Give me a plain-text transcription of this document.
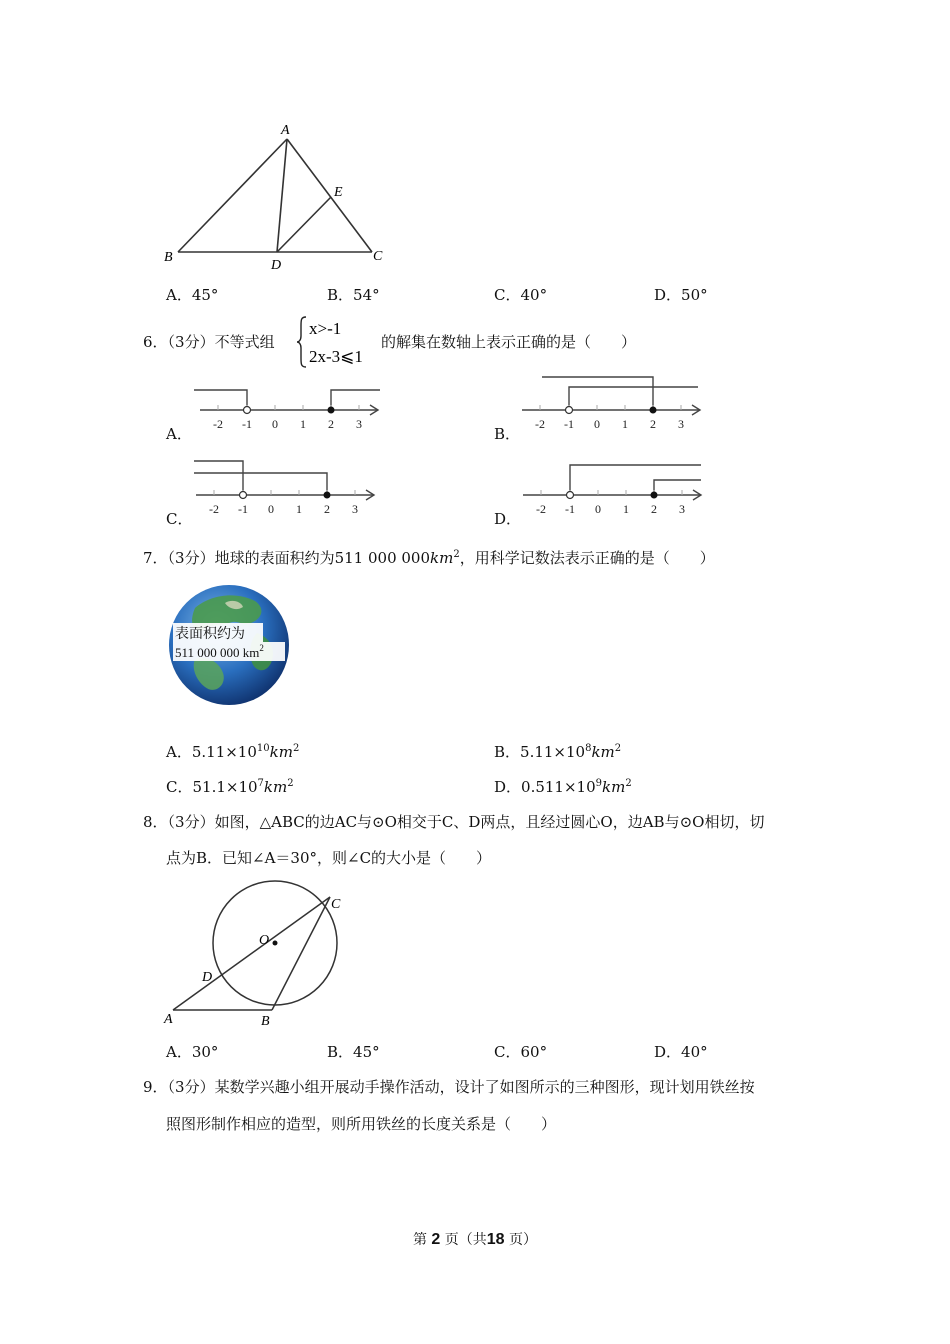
A
B	C
D
E
A．45°	B．54°	C．40°	D．50°
6．（3分）不等式组
x>-1
2x-3⩽1
的解集在数轴上表示正确的是（　　）
A．
-2 -1 0 1 2 3
B．
-2 -1 0 1 2 3
C．
-2 -1 0 1 2 3
D．
-2 -1 0 1 2 3
7．（3分）地球的表面积约为511 000 $000km^2$，用科学记数法表示正确的是（　　）
表面积约为
511 000 000 $km^2$
A．$5.11\times 10^{10}km^2$	B．$5.11\times 10^8km^2$
C．$51.1\times 10^7km^2$	D．$0.511\times 10^9km^2$
8．（3分）如图，△ABC的边AC与⊙O相交于C、D两点，且经过圆心O，边AB与⊙O相切，切
点为B．已知∠A＝30°，则∠C的大小是（　　）
O
C
D
A	B
A．30°	B．45°	C．60°	D．40°
9．（3分）某数学兴趣小组开展动手操作活动，设计了如图所示的三种图形，现计划用铁丝按
照图形制作相应的造型，则所用铁丝的长度关系是（　　）
第 2 页（共18 页）
